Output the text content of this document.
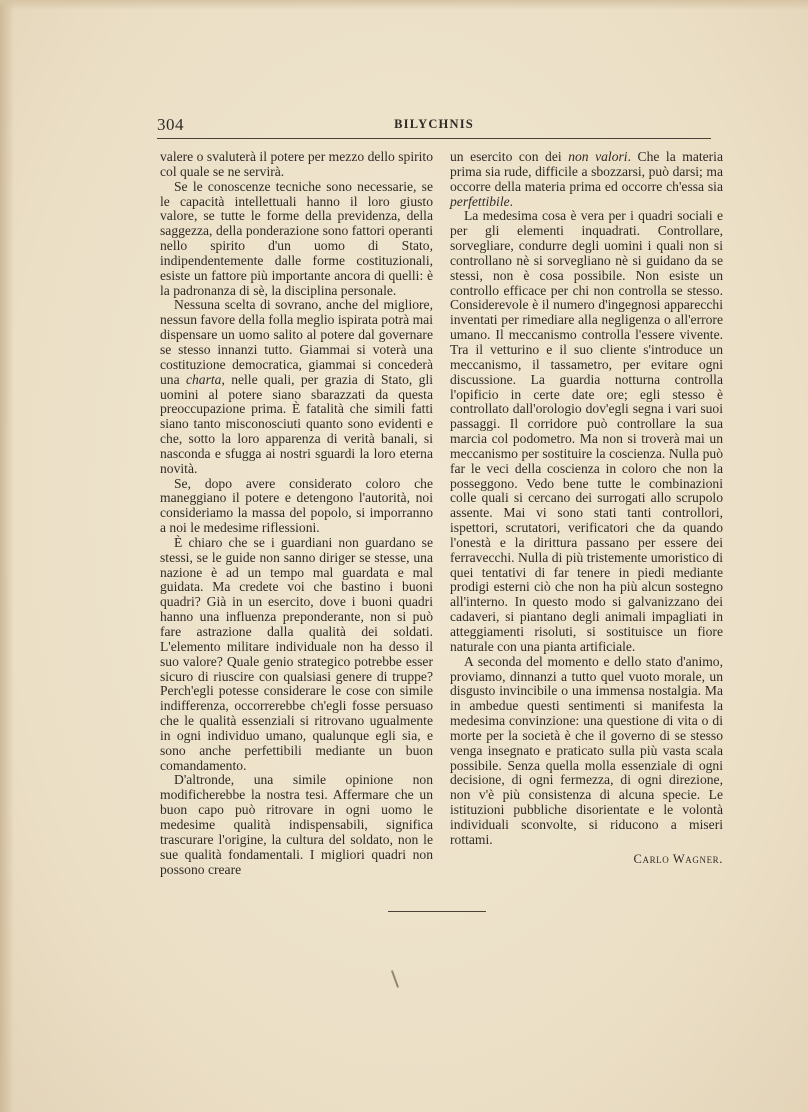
304	BILYCHNIS

valere o svaluterà il potere per mezzo dello spirito col quale se ne servirà.

Se le conoscenze tecniche sono necessarie, se le capacità intellettuali hanno il loro giusto valore, se tutte le forme della previdenza, della saggezza, della ponderazione sono fattori operanti nello spirito d'un uomo di Stato, indipendentemente dalle forme costituzionali, esiste un fattore più importante ancora di quelli: è la padronanza di sè, la disciplina personale.

Nessuna scelta di sovrano, anche del migliore, nessun favore della folla meglio ispirata potrà mai dispensare un uomo salito al potere dal governare se stesso innanzi tutto. Giammai si voterà una costituzione democratica, giammai si concederà una charta, nelle quali, per grazia di Stato, gli uomini al potere siano sbarazzati da questa preoccupazione prima. È fatalità che simili fatti siano tanto misconosciuti quanto sono evidenti e che, sotto la loro apparenza di verità banali, si nasconda e sfugga ai nostri sguardi la loro eterna novità.

Se, dopo avere considerato coloro che maneggiano il potere e detengono l'autorità, noi consideriamo la massa del popolo, si imporranno a noi le medesime riflessioni.

È chiaro che se i guardiani non guardano se stessi, se le guide non sanno diriger se stesse, una nazione è ad un tempo mal guardata e mal guidata. Ma credete voi che bastino i buoni quadri? Già in un esercito, dove i buoni quadri hanno una influenza preponderante, non si può fare astrazione dalla qualità dei soldati. L'elemento militare individuale non ha desso il suo valore? Quale genio strategico potrebbe esser sicuro di riuscire con qualsiasi genere di truppe? Perch'egli potesse considerare le cose con simile indifferenza, occorrerebbe ch'egli fosse persuaso che le qualità essenziali si ritrovano ugualmente in ogni individuo umano, qualunque egli sia, e sono anche perfettibili mediante un buon comandamento.

D'altronde, una simile opinione non modificherebbe la nostra tesi. Affermare che un buon capo può ritrovare in ogni uomo le medesime qualità indispensabili, significa trascurare l'origine, la cultura del soldato, non le sue qualità fondamentali. I migliori quadri non possono creare

un esercito con dei non valori. Che la materia prima sia rude, difficile a sbozzarsi, può darsi; ma occorre della materia prima ed occorre ch'essa sia perfettibile.

La medesima cosa è vera per i quadri sociali e per gli elementi inquadrati. Controllare, sorvegliare, condurre degli uomini i quali non si controllano nè si sorvegliano nè si guidano da se stessi, non è cosa possibile. Non esiste un controllo efficace per chi non controlla se stesso. Considerevole è il numero d'ingegnosi apparecchi inventati per rimediare alla negligenza o all'errore umano. Il meccanismo controlla l'essere vivente. Tra il vetturino e il suo cliente s'introduce un meccanismo, il tassametro, per evitare ogni discussione. La guardia notturna controlla l'opificio in certe date ore; egli stesso è controllato dall'orologio dov'egli segna i vari suoi passaggi. Il corridore può controllare la sua marcia col podometro. Ma non si troverà mai un meccanismo per sostituire la coscienza. Nulla può far le veci della coscienza in coloro che non la posseggono. Vedo bene tutte le combinazioni colle quali si cercano dei surrogati allo scrupolo assente. Mai vi sono stati tanti controllori, ispettori, scrutatori, verificatori che da quando l'onestà e la dirittura passano per essere dei ferravecchi. Nulla di più tristemente umoristico di quei tentativi di far tenere in piedi mediante prodigi esterni ciò che non ha più alcun sostegno all'interno. In questo modo si galvanizzano dei cadaveri, si piantano degli animali impagliati in atteggiamenti risoluti, si sostituisce un fiore naturale con una pianta artificiale.

A seconda del momento e dello stato d'animo, proviamo, dinnanzi a tutto quel vuoto morale, un disgusto invincibile o una immensa nostalgia. Ma in ambedue questi sentimenti si manifesta la medesima convinzione: una questione di vita o di morte per la società è che il governo di se stesso venga insegnato e praticato sulla più vasta scala possibile. Senza quella molla essenziale di ogni decisione, di ogni fermezza, di ogni direzione, non v'è più consistenza di alcuna specie. Le istituzioni pubbliche disorientate e le volontà individuali sconvolte, si riducono a miseri rottami.

Carlo Wagner.
